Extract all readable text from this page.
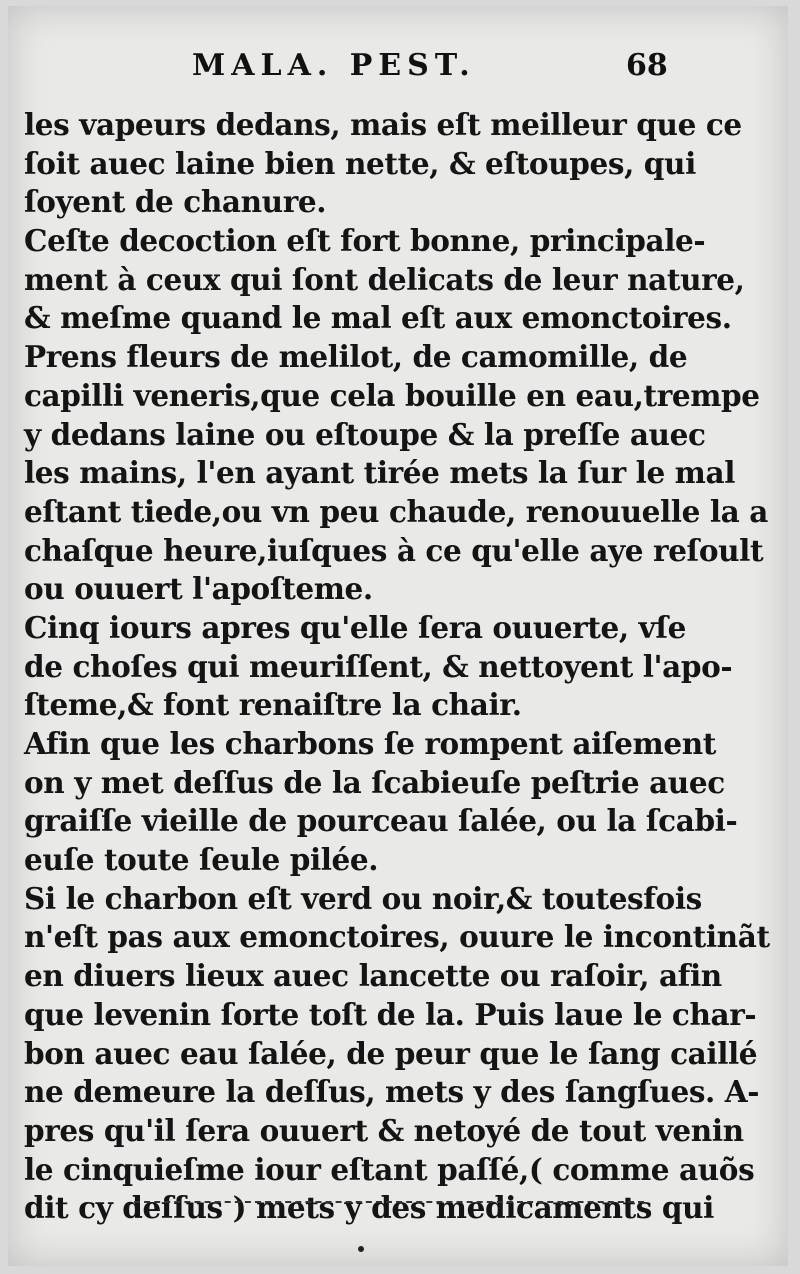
MALA. PEST.	68
les vapeurs dedans, mais eſt meilleur que ce
ſoit auec laine bien nette, & eſtoupes, qui
ſoyent de chanure.
Ceſte decoction eſt fort bonne, principale-
ment à ceux qui ſont delicats de leur nature,
& meſme quand le mal eſt aux emonctoires.
Prens fleurs de melilot, de camomille, de
capilli veneris,que cela bouille en eau,trempe
y dedans laine ou eſtoupe & la preſſe auec
les mains, l'en ayant tirée mets la ſur le mal
eſtant tiede,ou vn peu chaude, renouuelle la a
chaſque heure,iuſques à ce qu'elle aye reſoult
ou ouuert l'apoſteme.
Cinq iours apres qu'elle ſera ouuerte, vſe
de choſes qui meuriſſent, & nettoyent l'apo-
ſteme,& font renaiſtre la chair.
Afin que les charbons ſe rompent aiſement
on y met deſſus de la ſcabieuſe peſtrie auec
graiſſe vieille de pourceau ſalée, ou la ſcabi-
euſe toute ſeule pilée.
Si le charbon eſt verd ou noir,& toutesfois
n'eſt pas aux emonctoires, ouure le incontinãt
en diuers lieux auec lancette ou raſoir, afin
que levenin ſorte toſt de la. Puis laue le char-
bon auec eau ſalée, de peur que le ſang caillé
ne demeure la deſſus, mets y des ſangſues. A-
pres qu'il ſera ouuert & netoyé de tout venin
le cinquieſme iour eſtant paſſé,( comme auõs
dit cy deſſus ) mets y des medicaments qui
